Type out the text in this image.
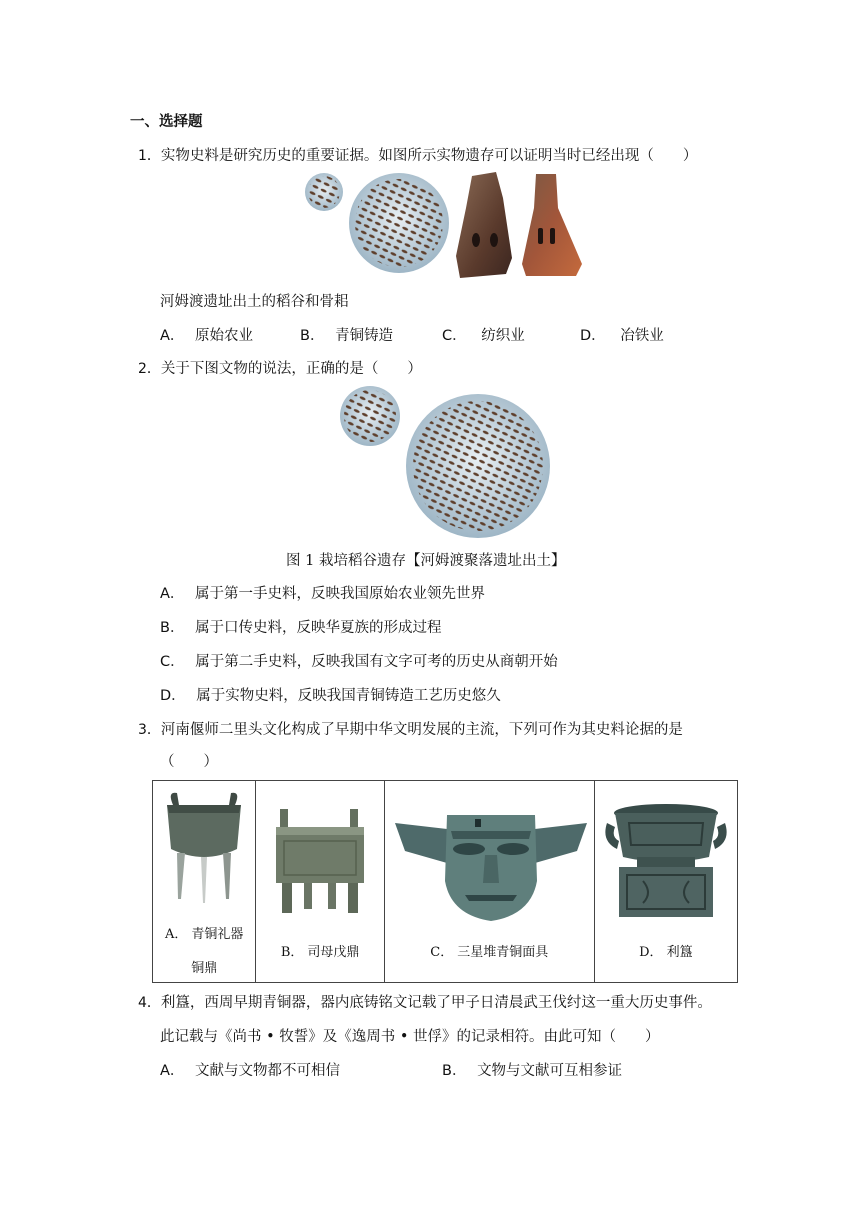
一、选择题
1．实物史料是研究历史的重要证据。如图所示实物遗存可以证明当时已经出现（　　）
河姆渡遗址出土的稻谷和骨耜
A． 原始农业	B． 青铜铸造	C． 纺织业	D． 冶铁业
2．关于下图文物的说法，正确的是（　　）
图 1 栽培稻谷遗存【河姆渡聚落遗址出土】
A． 属于第一手史料，反映我国原始农业领先世界
B． 属于口传史料，反映华夏族的形成过程
C． 属于第二手史料，反映我国有文字可考的历史从商朝开始
D． 属于实物史料，反映我国青铜铸造工艺历史悠久
3．河南偃师二里头文化构成了早期中华文明发展的主流，下列可作为其史料论据的是
（　　）
A． 青铜礼器
铜鼎

B． 司母戊鼎	C． 三星堆青铜面具	D． 利簋
4．利簋，西周早期青铜器，器内底铸铭文记载了甲子日清晨武王伐纣这一重大历史事件。
此记载与《尚书 • 牧誓》及《逸周书 • 世俘》的记录相符。由此可知（　　）
A． 文献与文物都不可相信	B． 文物与文献可互相参证
